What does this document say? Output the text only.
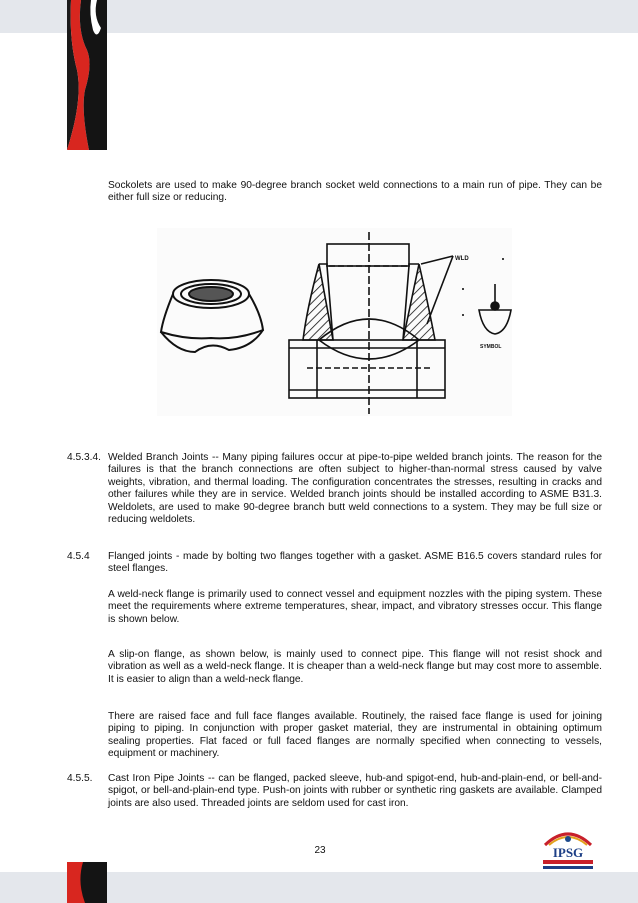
Sockolets are used to make 90-degree branch socket weld connections to a main run of pipe. They can be either full size or reducing.

WLD
SYMBOL

4.5.3.4. Welded Branch Joints -- Many piping failures occur at pipe-to-pipe welded branch joints. The reason for the failures is that the branch connections are often subject to higher-than-normal stress caused by valve weights, vibration, and thermal loading. The configuration concentrates the stresses, resulting in cracks and other failures while they are in service. Welded branch joints should be installed according to ASME B31.3. Weldolets, are used to make 90-degree branch butt weld connections to a system. They may be full size or reducing weldolets.

4.5.4 Flanged joints - made by bolting two flanges together with a gasket. ASME B16.5 covers standard rules for steel flanges.

A weld-neck flange is primarily used to connect vessel and equipment nozzles with the piping system. These meet the requirements where extreme temperatures, shear, impact, and vibratory stresses occur. This flange is shown below.

A slip-on flange, as shown below, is mainly used to connect pipe. This flange will not resist shock and vibration as well as a weld-neck flange. It is cheaper than a weld-neck flange but may cost more to assemble. It is easier to align than a weld-neck flange.

There are raised face and full face flanges available. Routinely, the raised face flange is used for joining piping to piping. In conjunction with proper gasket material, they are instrumental in obtaining optimum sealing properties. Flat faced or full faced flanges are normally specified when connecting to vessels, equipment or machinery.

4.5.5. Cast Iron Pipe Joints -- can be flanged, packed sleeve, hub-and spigot-end, hub-and-plain-end, or bell-and-spigot, or bell-and-plain-end type. Push-on joints with rubber or synthetic ring gaskets are available. Clamped joints are also used. Threaded joints are seldom used for cast iron.

23	IPSG
